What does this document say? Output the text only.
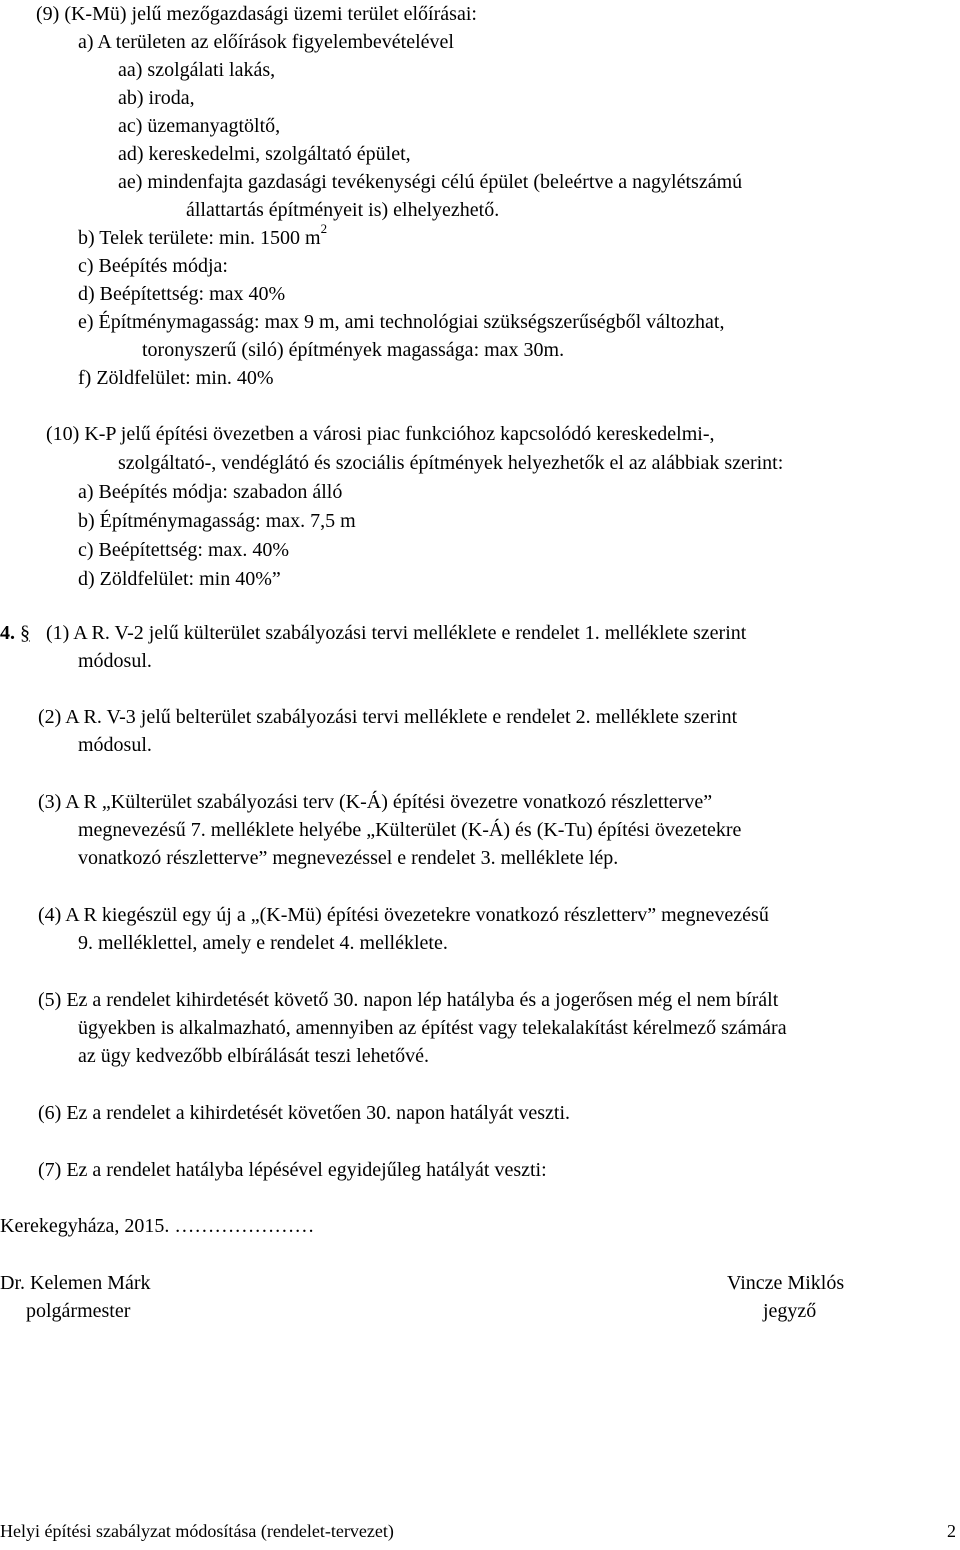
(9) (K-Mü) jelű mezőgazdasági üzemi terület előírásai:
a) A területen az előírások figyelembevételével
aa) szolgálati lakás,
ab) iroda,
ac) üzemanyagtöltő,
ad) kereskedelmi, szolgáltató épület,
ae) mindenfajta gazdasági tevékenységi célú épület (beleértve a nagylétszámú
állattartás építményeit is) elhelyezhető.
b) Telek területe: min. 1500 $m^2$
c) Beépítés módja:
d) Beépítettség: max 40%
e) Építménymagasság: max 9 m, ami technológiai szükségszerűségből változhat,
toronyszerű (siló) építmények magassága: max 30m.
f) Zöldfelület: min. 40%
(10) K-P jelű építési övezetben a városi piac funkcióhoz kapcsolódó kereskedelmi-,
szolgáltató-, vendéglátó és szociális építmények helyezhetők el az alábbiak szerint:
a) Beépítés módja: szabadon álló
b) Építménymagasság: max. 7,5 m
c) Beépítettség: max. 40%
d) Zöldfelület: min 40%”
4. § (1) A R. V-2 jelű külterület szabályozási tervi melléklete e rendelet 1. melléklete szerint
módosul.
(2) A R. V-3 jelű belterület szabályozási tervi melléklete e rendelet 2. melléklete szerint
módosul.
(3) A R „Külterület szabályozási terv (K-Á) építési övezetre vonatkozó részletterve”
megnevezésű 7. melléklete helyébe „Külterület (K-Á) és (K-Tu) építési övezetekre
vonatkozó részletterve” megnevezéssel e rendelet 3. melléklete lép.
(4) A R kiegészül egy új a „(K-Mü) építési övezetekre vonatkozó részletterv” megnevezésű
9. melléklettel, amely e rendelet 4. melléklete.
(5) Ez a rendelet kihirdetését követő 30. napon lép hatályba és a jogerősen még el nem bírált
ügyekben is alkalmazható, amennyiben az építést vagy telekalakítást kérelmező számára
az ügy kedvezőbb elbírálását teszi lehetővé.
(6) Ez a rendelet a kihirdetését követően 30. napon hatályát veszti.
(7) Ez a rendelet hatályba lépésével egyidejűleg hatályát veszti:
Kerekegyháza, 2015. …………………
Dr. Kelemen Márk
polgármester
Vincze Miklós
jegyző
Helyi építési szabályzat módosítása (rendelet-tervezet)	2
